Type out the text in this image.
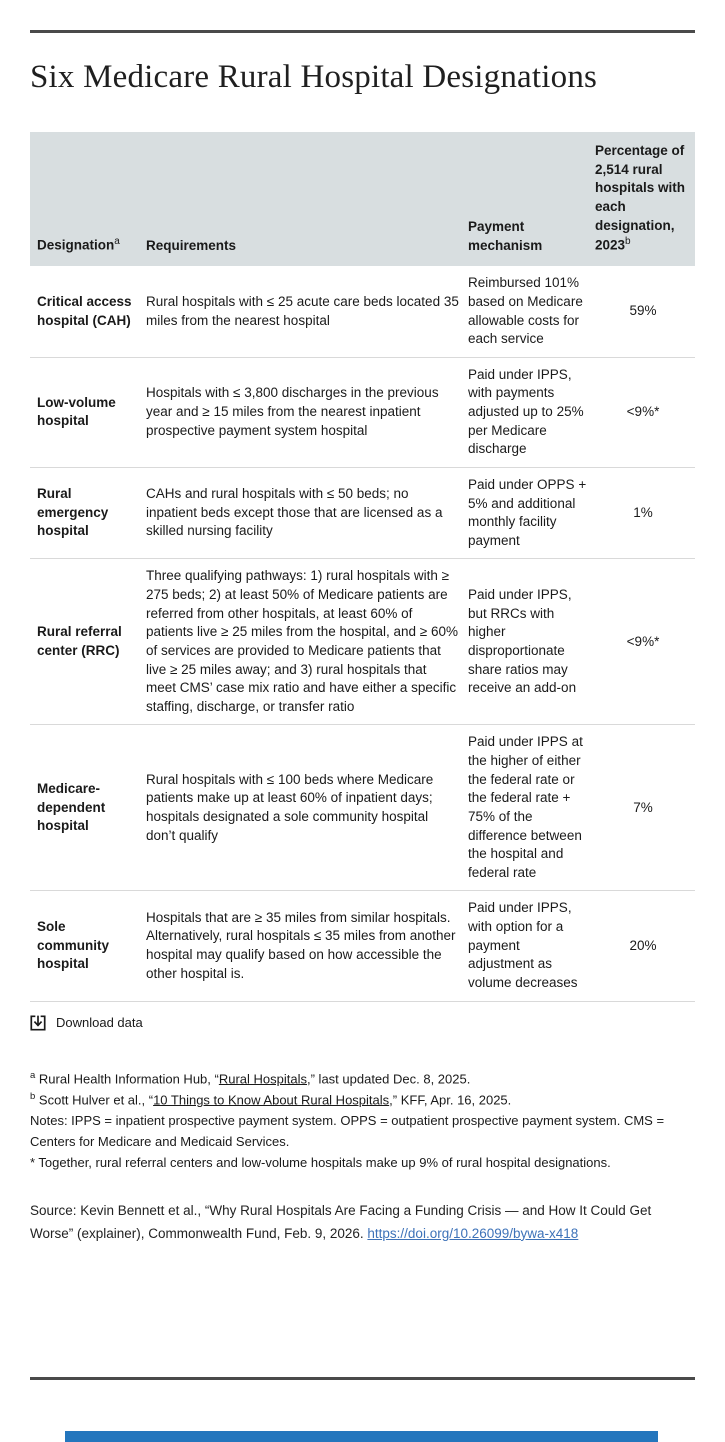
Six Medicare Rural Hospital Designations
Designation$^a$	Requirements	Payment mechanism	Percentage of 2,514 rural hospitals with each designation, 2023$^b$
Critical access hospital (CAH)	Rural hospitals with ≤ 25 acute care beds located 35 miles from the nearest hospital	Reimbursed 101% based on Medicare allowable costs for each service	59%
Low-volume hospital	Hospitals with ≤ 3,800 discharges in the previous year and ≥ 15 miles from the nearest inpatient prospective payment system hospital	Paid under IPPS, with payments adjusted up to 25% per Medicare discharge	<9%*
Rural emergency hospital	CAHs and rural hospitals with ≤ 50 beds; no inpatient beds except those that are licensed as a skilled nursing facility	Paid under OPPS + 5% and additional monthly facility payment	1%
Rural referral center (RRC)	Three qualifying pathways: 1) rural hospitals with ≥ 275 beds; 2) at least 50% of Medicare patients are referred from other hospitals, at least 60% of patients live ≥ 25 miles from the hospital, and ≥ 60% of services are provided to Medicare patients that live ≥ 25 miles away; and 3) rural hospitals that meet CMS’ case mix ratio and have either a specific staffing, discharge, or transfer ratio	Paid under IPPS, but RRCs with higher disproportionate share ratios may receive an add-on	<9%*
Medicare-dependent hospital	Rural hospitals with ≤ 100 beds where Medicare patients make up at least 60% of inpatient days; hospitals designated a sole community hospital don’t qualify	Paid under IPPS at the higher of either the federal rate or the federal rate + 75% of the difference between the hospital and federal rate	7%
Sole community hospital	Hospitals that are ≥ 35 miles from similar hospitals. Alternatively, rural hospitals ≤ 35 miles from another hospital may qualify based on how accessible the other hospital is.	Paid under IPPS, with option for a payment adjustment as volume decreases	20%
Download data

$^a$ Rural Health Information Hub, “Rural Hospitals,” last updated Dec. 8, 2025.

$^b$ Scott Hulver et al., “10 Things to Know About Rural Hospitals,” KFF, Apr. 16, 2025.

Notes: IPPS = inpatient prospective payment system. OPPS = outpatient prospective payment system. CMS = Centers for Medicare and Medicaid Services.

* Together, rural referral centers and low-volume hospitals make up 9% of rural hospital designations.

Source: Kevin Bennett et al., “Why Rural Hospitals Are Facing a Funding Crisis — and How It Could Get Worse” (explainer), Commonwealth Fund, Feb. 9, 2026. https://doi.org/10.26099/bywa-x418
